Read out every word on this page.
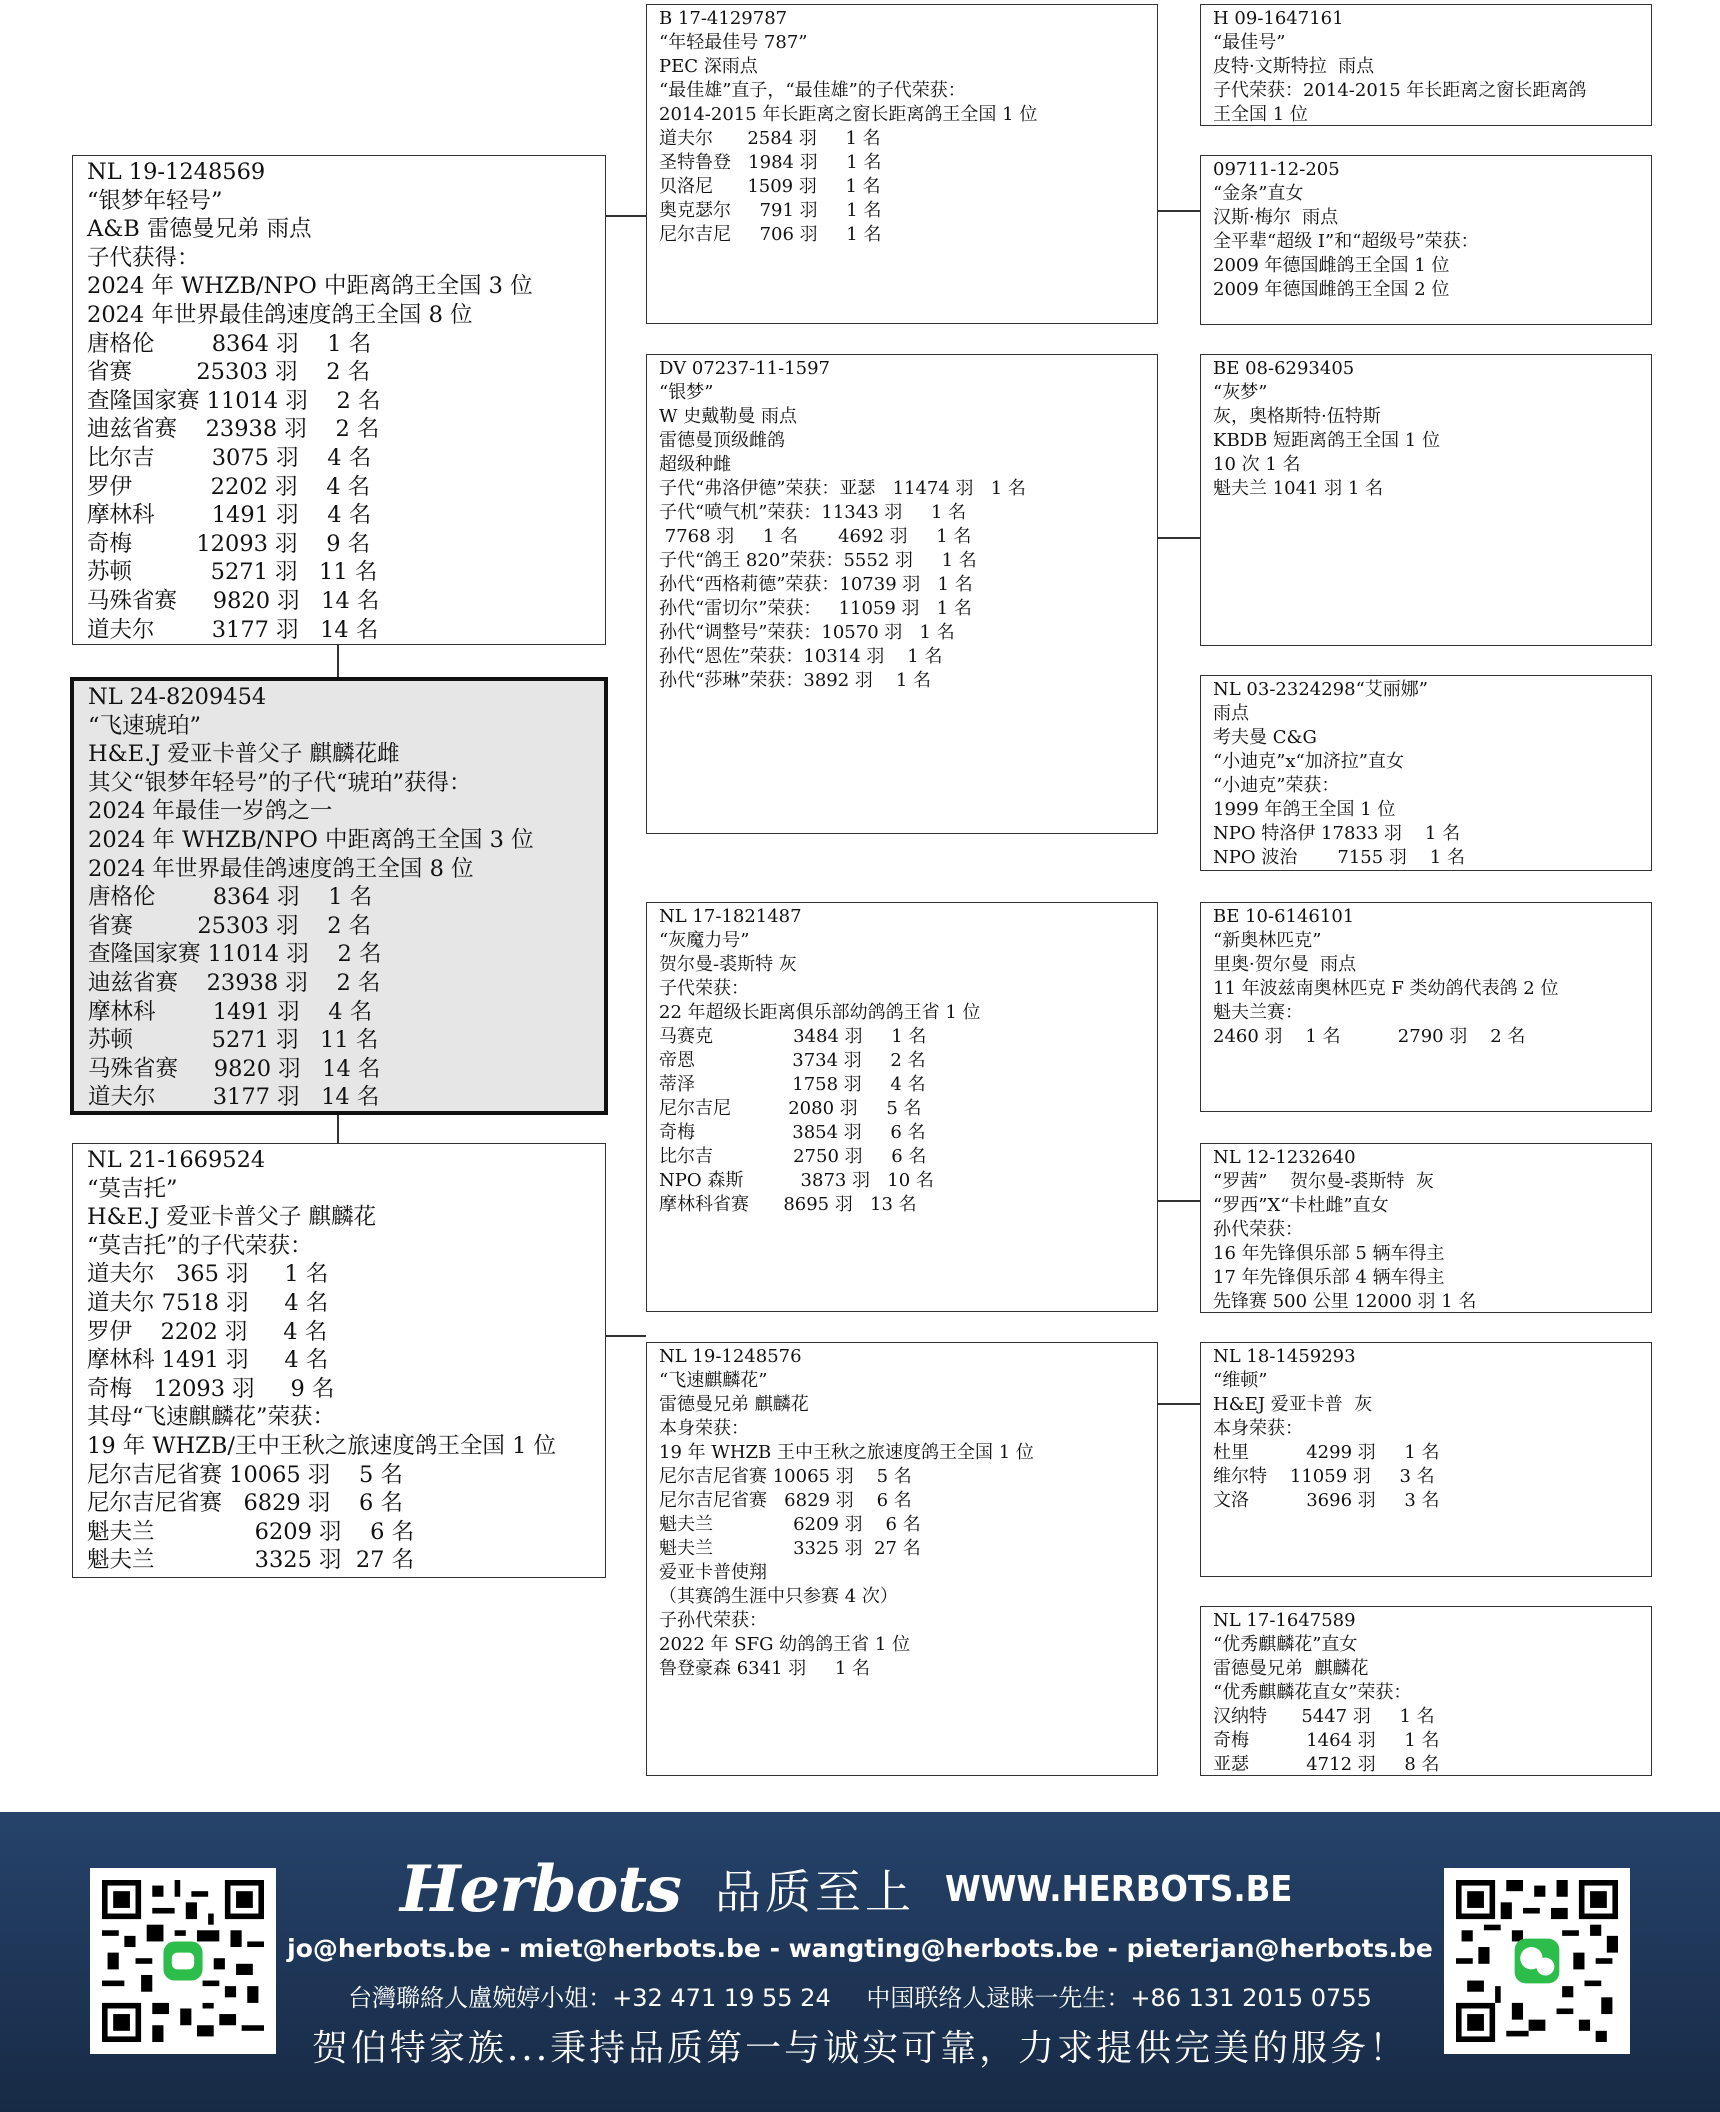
NL 19-1248569
“银梦年轻号”
A&B 雷德曼兄弟 雨点
子代获得：
2024 年 WHZB/NPO 中距离鸽王全国 3 位
2024 年世界最佳鸽速度鸽王全国 8 位
唐格伦        8364 羽    1 名
省赛         25303 羽    2 名
查隆国家赛 11014 羽    2 名
迪兹省赛    23938 羽    2 名
比尔吉        3075 羽    4 名
罗伊           2202 羽    4 名
摩林科        1491 羽    4 名
奇梅         12093 羽    9 名
苏顿           5271 羽   11 名
马殊省赛     9820 羽   14 名
道夫尔        3177 羽   14 名
NL 24-8209454
“飞速琥珀”
H&E.J 爱亚卡普父子 麒麟花雌
其父“银梦年轻号”的子代“琥珀”获得：
2024 年最佳一岁鸽之一
2024 年 WHZB/NPO 中距离鸽王全国 3 位
2024 年世界最佳鸽速度鸽王全国 8 位
唐格伦        8364 羽    1 名
省赛         25303 羽    2 名
查隆国家赛 11014 羽    2 名
迪兹省赛    23938 羽    2 名
摩林科        1491 羽    4 名
苏顿           5271 羽   11 名
马殊省赛     9820 羽   14 名
道夫尔        3177 羽   14 名
NL 21-1669524
“莫吉托”
H&E.J 爱亚卡普父子 麒麟花
“莫吉托”的子代荣获：
道夫尔   365 羽     1 名
道夫尔 7518 羽     4 名
罗伊    2202 羽     4 名
摩林科 1491 羽     4 名
奇梅   12093 羽     9 名
其母“飞速麒麟花”荣获：
19 年 WHZB/王中王秋之旅速度鸽王全国 1 位
尼尔吉尼省赛 10065 羽    5 名
尼尔吉尼省赛   6829 羽    6 名
魁夫兰              6209 羽    6 名
魁夫兰              3325 羽  27 名
B 17-4129787
“年轻最佳号 787”
PEC 深雨点
“最佳雄”直子，“最佳雄”的子代荣获：
2014-2015 年长距离之窗长距离鸽王全国 1 位
道夫尔      2584 羽     1 名
圣特鲁登   1984 羽     1 名
贝洛尼      1509 羽     1 名
奥克瑟尔     791 羽     1 名
尼尔吉尼     706 羽     1 名
DV 07237-11-1597
“银梦”
W 史戴勒曼 雨点
雷德曼顶级雌鸽
超级种雌
子代“弗洛伊德”荣获：亚瑟   11474 羽   1 名
子代“喷气机”荣获：11343 羽     1 名
7768 羽     1 名       4692 羽     1 名
子代“鸽王 820”荣获：5552 羽     1 名
孙代“西格莉德”荣获：10739 羽   1 名
孙代“雷切尔”荣获：   11059 羽   1 名
孙代“调整号”荣获：10570 羽   1 名
孙代“恩佐”荣获：10314 羽    1 名
孙代“莎琳”荣获：3892 羽    1 名
NL 17-1821487
“灰魔力号”
贺尔曼-裘斯特 灰
子代荣获：
22 年超级长距离俱乐部幼鸽鸽王省 1 位
马赛克              3484 羽     1 名
帝恩                 3734 羽     2 名
蒂泽                 1758 羽     4 名
尼尔吉尼          2080 羽     5 名
奇梅                 3854 羽     6 名
比尔吉              2750 羽     6 名
NPO 森斯          3873 羽   10 名
摩林科省赛      8695 羽   13 名
NL 19-1248576
“飞速麒麟花”
雷德曼兄弟 麒麟花
本身荣获：
19 年 WHZB 王中王秋之旅速度鸽王全国 1 位
尼尔吉尼省赛 10065 羽    5 名
尼尔吉尼省赛   6829 羽    6 名
魁夫兰              6209 羽    6 名
魁夫兰              3325 羽  27 名
爱亚卡普使翔
（其赛鸽生涯中只参赛 4 次）
子孙代荣获：
2022 年 SFG 幼鸽鸽王省 1 位
鲁登豪森 6341 羽     1 名
H 09-1647161
“最佳号”
皮特·文斯特拉  雨点
子代荣获：2014-2015 年长距离之窗长距离鸽
王全国 1 位
09711-12-205
“金条”直女
汉斯·梅尔  雨点
全平辈“超级 I”和“超级号”荣获：
2009 年德国雌鸽王全国 1 位
2009 年德国雌鸽王全国 2 位
BE 08-6293405
“灰梦”
灰，奥格斯特·伍特斯
KBDB 短距离鸽王全国 1 位
10 次 1 名
魁夫兰 1041 羽 1 名
NL 03-2324298“艾丽娜”
雨点
考夫曼 C&G
“小迪克”x“加济拉”直女
“小迪克”荣获：
1999 年鸽王全国 1 位
NPO 特洛伊 17833 羽    1 名
NPO 波治       7155 羽    1 名
BE 10-6146101
“新奥林匹克”
里奥·贺尔曼  雨点
11 年波兹南奥林匹克 F 类幼鸽代表鸽 2 位
魁夫兰赛：
2460 羽    1 名          2790 羽    2 名
NL 12-1232640
“罗茜”    贺尔曼-裘斯特  灰
“罗西”X“卡杜雌”直女
孙代荣获：
16 年先锋俱乐部 5 辆车得主
17 年先锋俱乐部 4 辆车得主
先锋赛 500 公里 12000 羽 1 名
NL 18-1459293
“维顿”
H&EJ 爱亚卡普  灰
本身荣获：
杜里          4299 羽     1 名
维尔特    11059 羽     3 名
文洛          3696 羽     3 名
NL 17-1647589
“优秀麒麟花”直女
雷德曼兄弟  麒麟花
“优秀麒麟花直女”荣获：
汉纳特      5447 羽     1 名
奇梅          1464 羽     1 名
亚瑟          4712 羽     8 名
Herbots 品质至上 WWW.HERBOTS.BE
jo@herbots.be - miet@herbots.be - wangting@herbots.be - pieterjan@herbots.be
台灣聯絡人盧婉婷小姐：+32 471 19 55 24 中国联络人逯睐一先生：+86 131 2015 0755
贺伯特家族...秉持品质第一与诚实可靠，力求提供完美的服务！
